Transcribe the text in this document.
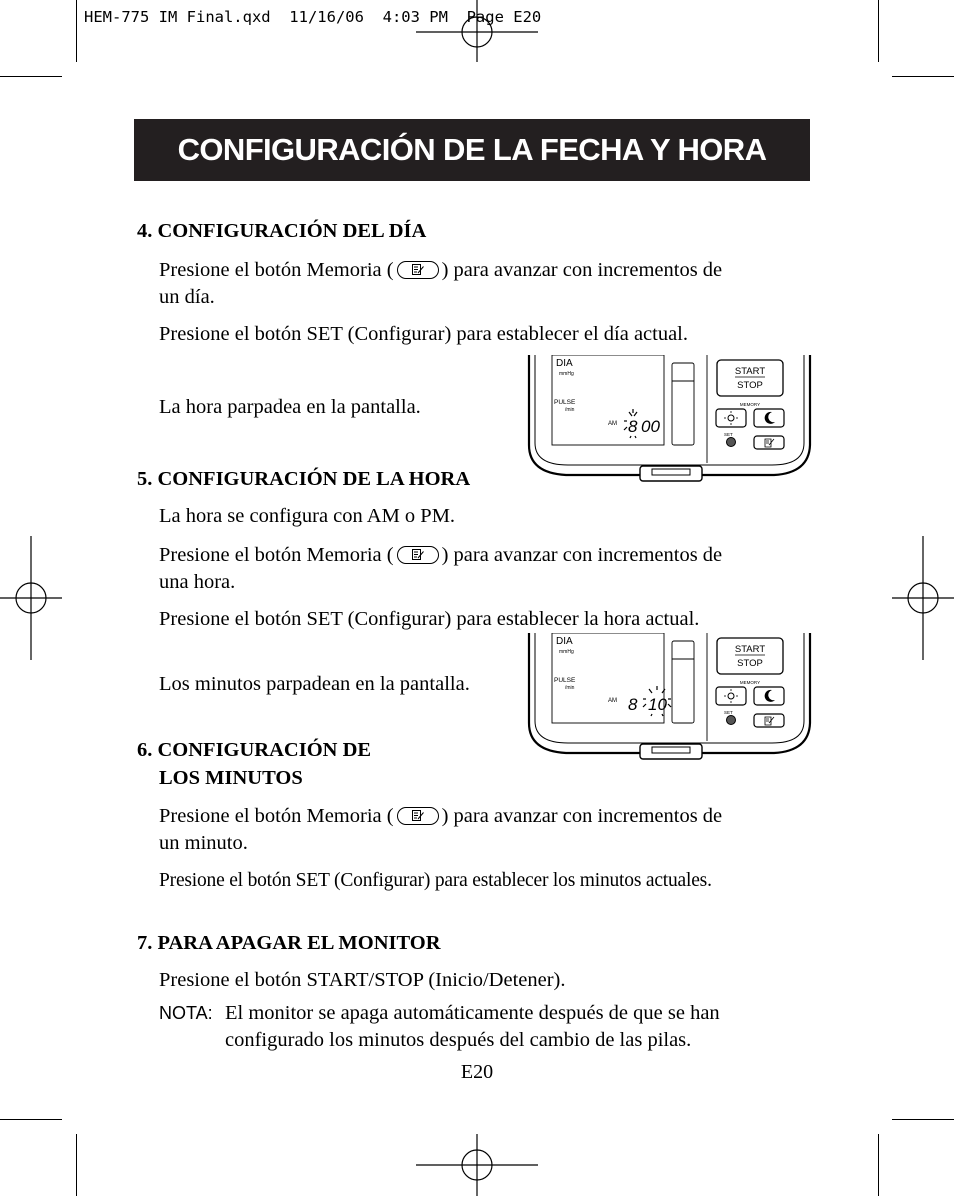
HEM-775 IM Final.qxd  11/16/06  4:03 PM  Page E20
CONFIGURACIÓN DE LA FECHA Y HORA
4. CONFIGURACIÓN DEL DÍA
Presione el botón Memoria ( ) para avanzar con incrementos de
un día.
Presione el botón SET (Configurar) para establecer el día actual.
La hora parpadea en la pantalla.
5. CONFIGURACIÓN DE LA HORA
La hora se configura con AM o PM.
Presione el botón Memoria ( ) para avanzar con incrementos de
una hora.
Presione el botón SET (Configurar) para establecer la hora actual.
Los minutos parpadean en la pantalla.
6. CONFIGURACIÓN DE
LOS MINUTOS
Presione el botón Memoria ( ) para avanzar con incrementos de
un minuto.
Presione el botón SET (Configurar) para establecer los minutos actuales.
7. PARA APAGAR EL MONITOR
Presione el botón START/STOP (Inicio/Detener).
NOTA: El monitor se apaga automáticamente después de que se han
configurado los minutos después del cambio de las pilas.
DIA
mmHg
PULSE
/min
AM 8 00
START
STOP
MEMORY
SET
DIA
mmHg
PULSE
/min
AM 8 10
START
STOP
MEMORY
SET
E20
